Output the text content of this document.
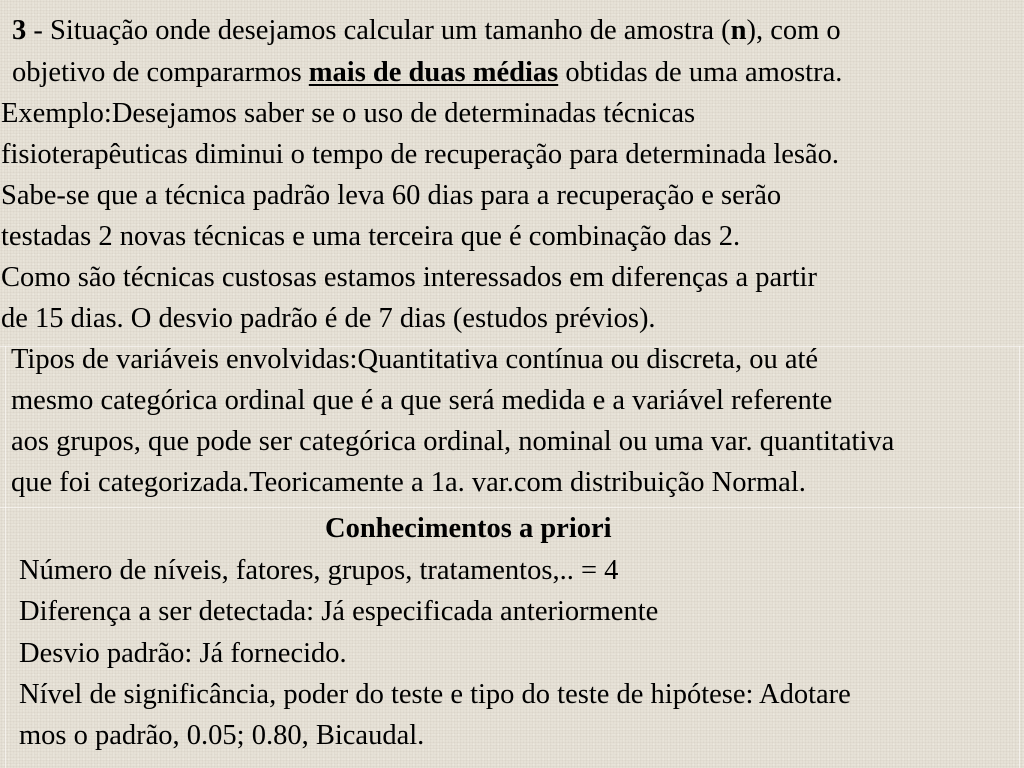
3 - Situação onde desejamos calcular um tamanho de amostra (n), com o
objetivo de compararmos mais de duas médias obtidas de uma amostra.
Exemplo:Desejamos saber se o uso de determinadas técnicas
fisioterapêuticas diminui o tempo de recuperação para determinada lesão.
Sabe-se que a técnica padrão leva 60 dias para a recuperação e serão
testadas 2 novas técnicas e uma terceira que é combinação das 2.
Como são técnicas custosas estamos interessados em diferenças a partir
de 15 dias. O desvio padrão é de 7 dias (estudos prévios).
Tipos de variáveis envolvidas:Quantitativa contínua ou discreta, ou até
mesmo categórica ordinal que é a que será medida e a variável referente
aos grupos, que pode ser categórica ordinal, nominal ou uma var. quantitativa
que foi categorizada.Teoricamente a 1a. var.com distribuição Normal.
Conhecimentos a priori
Número de níveis, fatores, grupos, tratamentos,.. = 4
Diferença a ser detectada: Já especificada anteriormente
Desvio padrão: Já fornecido.
Nível de significância, poder do teste e tipo do teste de hipótese: Adotare
mos o padrão, 0.05; 0.80, Bicaudal.
